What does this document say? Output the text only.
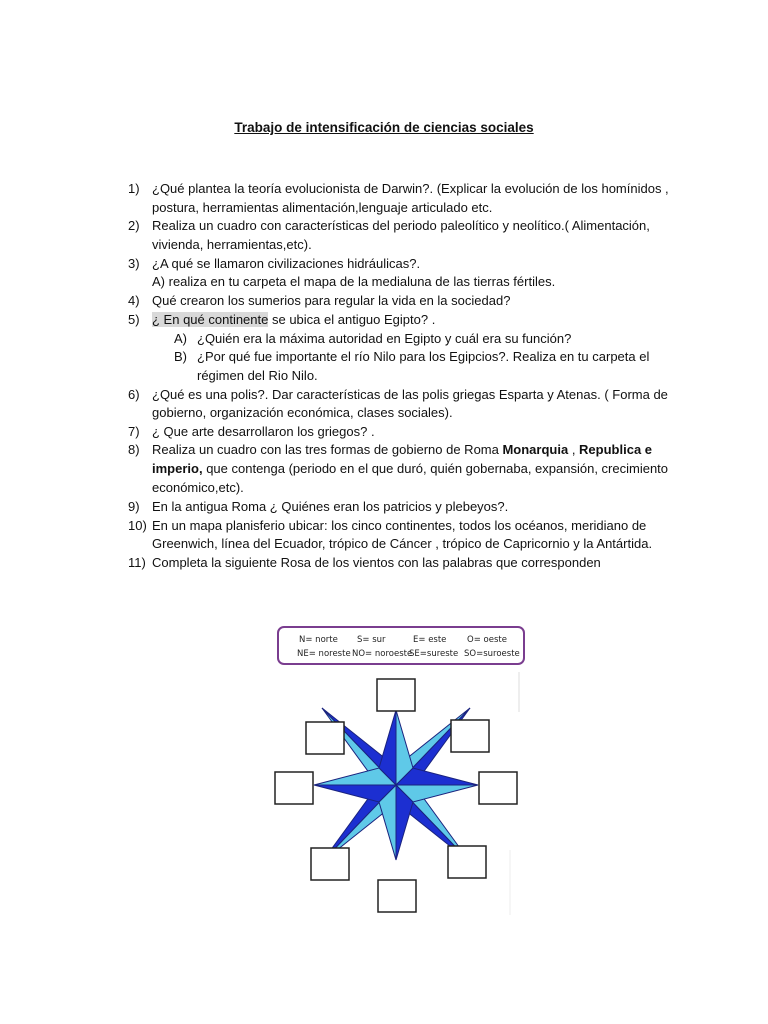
Trabajo de intensificación de ciencias sociales
1) ¿Qué plantea la teoría evolucionista de Darwin?. (Explicar la evolución de los homínidos ,
postura, herramientas alimentación,lenguaje articulado etc.
2) Realiza un cuadro con características del periodo paleolítico y neolítico.( Alimentación,
vivienda, herramientas,etc).
3) ¿A qué se llamaron civilizaciones hidráulicas?.
A) realiza en tu carpeta el mapa de la medialuna de las tierras fértiles.
4) Qué crearon los sumerios para regular la vida en la sociedad?
5) ¿ En qué continente se ubica el antiguo Egipto? .
A) ¿Quién era la máxima autoridad en Egipto y cuál era su función?
B) ¿Por qué fue importante el río Nilo para los Egipcios?. Realiza en tu carpeta el
régimen del Rio Nilo.
6) ¿Qué es una polis?. Dar características de las polis griegas Esparta y Atenas. ( Forma de
gobierno, organización económica, clases sociales).
7) ¿ Que arte desarrollaron los griegos? .
8) Realiza un cuadro con las tres formas de gobierno de Roma Monarquia , Republica e
imperio, que contenga (periodo en el que duró, quién gobernaba, expansión, crecimiento
económico,etc).
9) En la antigua Roma ¿ Quiénes eran los patricios y plebeyos?.
10) En un mapa planisferio ubicar: los cinco continentes, todos los océanos, meridiano de
Greenwich, línea del Ecuador, trópico de Cáncer , trópico de Capricornio y la Antártida.
11) Completa la siguiente Rosa de los vientos con las palabras que corresponden
N= norte S= sur	E= este O= oeste
NE= noreste NO= noroeste
SE=sureste SO=suroeste
